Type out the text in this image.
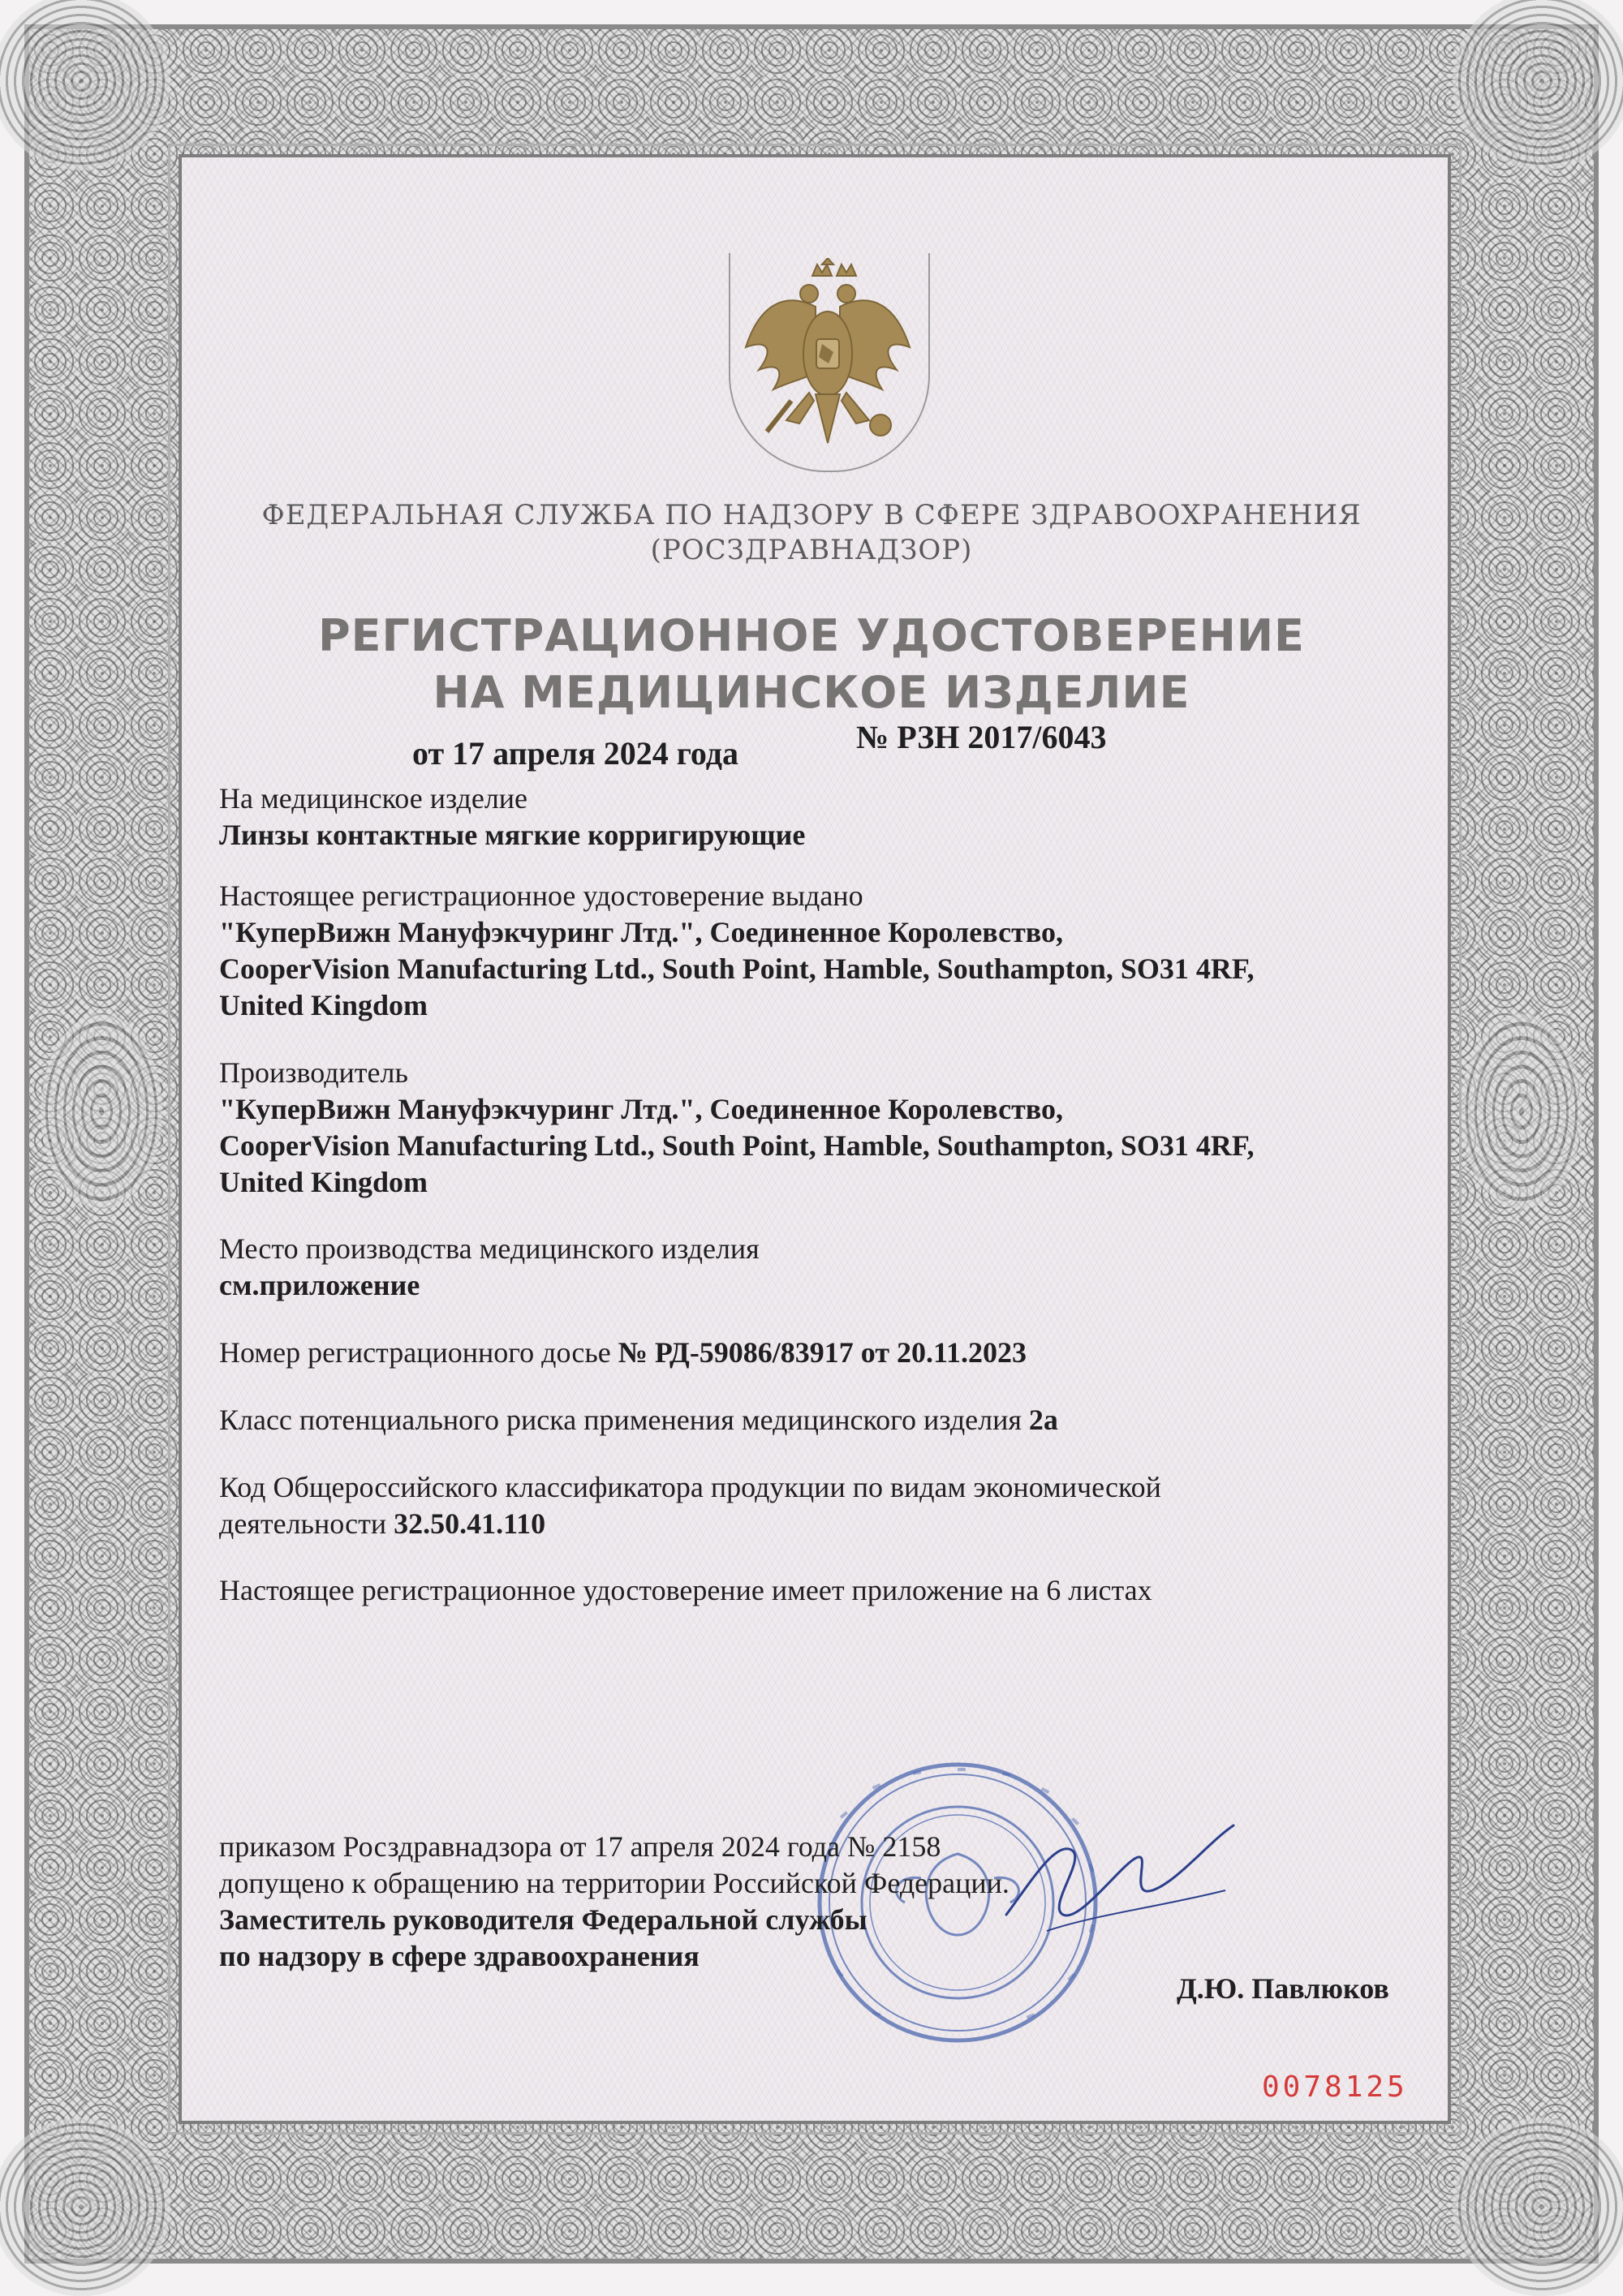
ФЕДЕРАЛЬНАЯ СЛУЖБА ПО НАДЗОРУ В СФЕРЕ ЗДРАВООХРАНЕНИЯ
(РОСЗДРАВНАДЗОР)
РЕГИСТРАЦИОННОЕ УДОСТОВЕРЕНИЕ
НА МЕДИЦИНСКОЕ ИЗДЕЛИЕ
от 17 апреля 2024 года	№ РЗН 2017/6043
На медицинское изделие
Линзы контактные мягкие корригирующие
Настоящее регистрационное удостоверение выдано
"КуперВижн Мануфэкчуринг Лтд.", Соединенное Королевство,
CooperVision Manufacturing Ltd., South Point, Hamble, Southampton, SO31 4RF,
United Kingdom
Производитель
"КуперВижн Мануфэкчуринг Лтд.", Соединенное Королевство,
CooperVision Manufacturing Ltd., South Point, Hamble, Southampton, SO31 4RF,
United Kingdom
Место производства медицинского изделия
см.приложение
Номер регистрационного досье № РД-59086/83917 от 20.11.2023
Класс потенциального риска применения медицинского изделия 2а
Код Общероссийского классификатора продукции по видам экономической
деятельности 32.50.41.110
Настоящее регистрационное удостоверение имеет приложение на 6 листах
приказом Росздравнадзора от 17 апреля 2024 года № 2158
допущено к обращению на территории Российской Федерации.
Заместитель руководителя Федеральной службы
по надзору в сфере здравоохранения
Д.Ю. Павлюков
0078125
